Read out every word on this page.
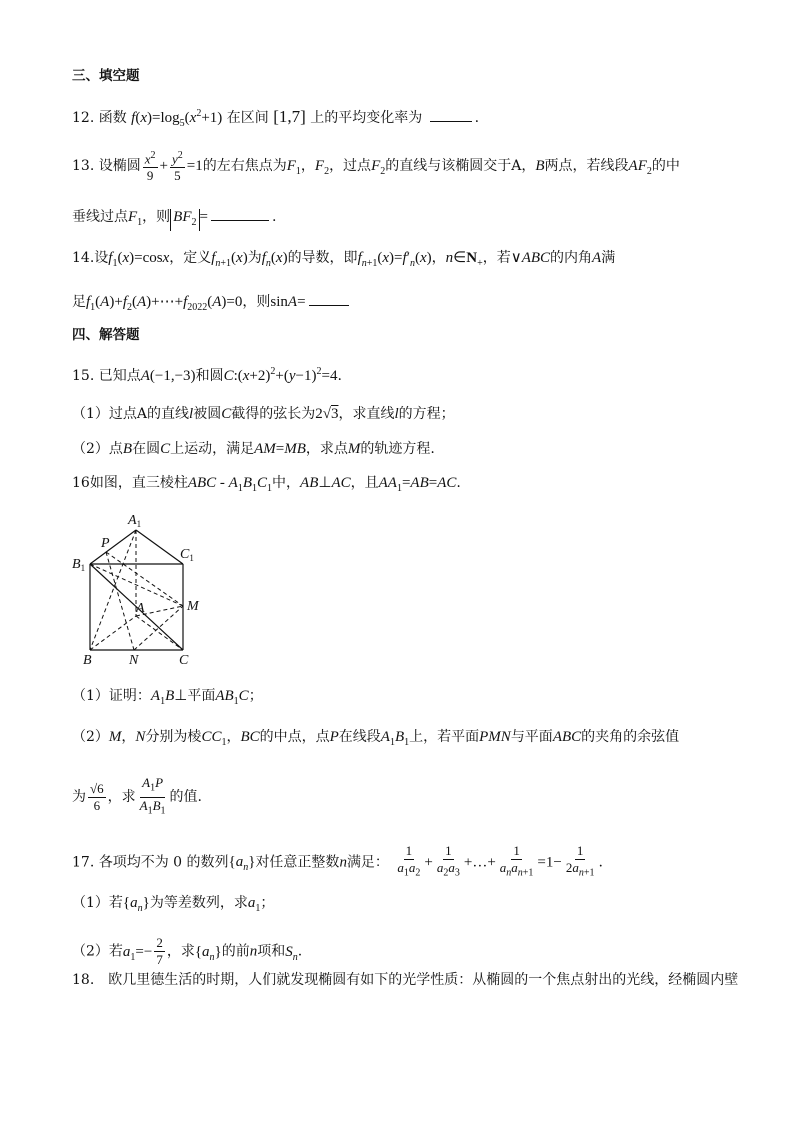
三、填空题
12. 函数 $f(x)=\log_5(x^2+1)$ 在区间 [1,7] 上的平均变化率为	.
13. 设椭圆 $\frac{x^2}{9} + \frac{y^2}{5} =1$的左右焦点为$F_1$，$F_2$，过点$F_2$的直线与该椭圆交于A，B两点，若线段$AF_2$的中
垂线过点$F_1$，则 $BF_2$ =	.
14.设$f_1(x)=\cos x$，定义$f_{n+1}(x)$为$f_n(x)$的导数，即$f_{n+1}(x)=f'_n(x)$，$n\in N_+$，若∨ABC的内角A满
足$f_1(A)+f_2(A)+\cdots+f_{2022}(A)=0$，则sinA=
四、解答题
15. 已知点A(−1,−3)和圆$C:(x+2)^2+(y-1)^2=4$.
（1）过点A的直线l被圆C截得的弦长为2√3，求直线l的方程；
（2）点B在圆C上运动，满足AM=MB，求点M的轨迹方程.
16如图，直三棱柱ABC - $A_1B_1C_1$中，AB⊥AC，且$AA_1=AB=AC$.
$A_1$
$B_1$
$C_1$
P
A	M
B	N	C
（1）证明：$A_1B\perp$平面$AB_1C$；
（2）M，N分别为棱$CC_1$，BC的中点，点P在线段$A_1B_1$上，若平面PMN与平面ABC的夹角的余弦值
为 $\frac{√6}{6}$ ，求 $\frac{A_1P}{A_1B_1}$ 的值.
17. 各项均不为 0 的数列$\{a_n\}$对任意正整数n满足： $\frac{1}{a_1a_2} + \frac{1}{a_2a_3}$ +…+ $\frac{1}{a_na_{n+1}} =1- \frac{1}{2a_{n+1}}$ .
（1）若$\{a_n\}$为等差数列，求$a_1$；
（2）若$a_1=- \frac{2}{7}$ ，求$\{a_n\}$的前n项和$S_n$.
18.　欧几里德生活的时期，人们就发现椭圆有如下的光学性质：从椭圆的一个焦点射出的光线，经椭圆内壁
